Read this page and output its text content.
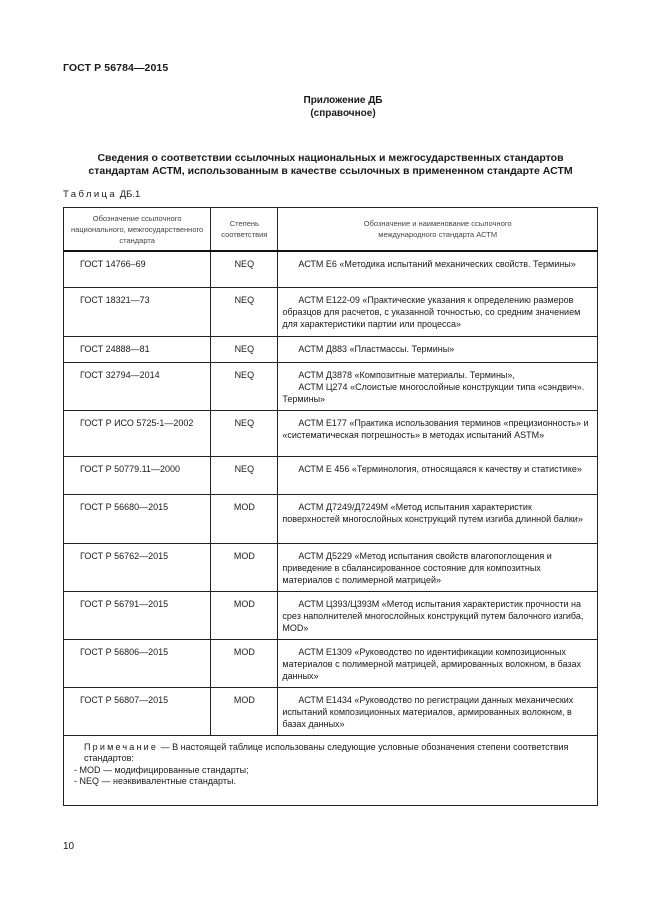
ГОСТ Р 56784—2015
Приложение ДБ
(справочное)
Сведения о соответствии ссылочных национальных и межгосударственных стандартов
стандартам АСТМ, использованным в качестве ссылочных в примененном стандарте АСТМ
Таблица ДБ.1
Обозначение ссылочного национального, межгосударственного стандарта	Степень соответствия	Обозначение и наименование ссылочного международного стандарта АСТМ

ГОСТ 14766–69	NEQ	АСТМ Е6 «Методика испытаний механических свойств. Термины»
ГОСТ 18321—73	NEQ	АСТМ Е122-09 «Практические указания к определению размеров образцов для расчетов, с указанной точностью, со средним значением для характеристики партии или процесса»
ГОСТ 24888—81	NEQ	АСТМ Д883 «Пластмассы. Термины»
ГОСТ 32794—2014	NEQ	АСТМ Д3878 «Композитные материалы. Термины»,
АСТМ Ц274 «Слоистые многослойные конструкции типа «сэндвич». Термины»

ГОСТ Р ИСО 5725-1—2002	NEQ	АСТМ Е177 «Практика использования терминов «прецизионность» и «систематическая погрешность» в методах испытаний ASTM»
ГОСТ Р 50779.11—2000	NEQ	АСТМ Е 456 «Терминология, относящаяся к качеству и статистике»
ГОСТ Р 56680—2015	MOD	АСТМ Д7249/Д7249М «Метод испытания характеристик поверхностей многослойных конструкций путем изгиба длинной балки»
ГОСТ Р 56762—2015	MOD	АСТМ Д5229 «Метод испытания свойств влагопоглощения и приведение в сбалансированное состояние для композитных материалов с полимерной матрицей»
ГОСТ Р 56791—2015	MOD	АСТМ Ц393/Ц393М «Метод испытания характеристик прочности на срез наполнителей многослойных конструкций путем балочного изгиба, MOD»
ГОСТ Р 56806—2015	MOD	АСТМ Е1309 «Руководство по идентификации композиционных материалов с полимерной матрицей, армированных волокном, в базах данных»
ГОСТ Р 56807—2015	MOD	АСТМ Е1434 «Руководство по регистрации данных механических испытаний композиционных материалов, армированных волокном, в базах данных»

Примечание — В настоящей таблице использованы следующие условные обозначения степени соответствия стандартов:
- MOD — модифицированные стандарты;
- NEQ — неэквивалентные стандарты.		
10
